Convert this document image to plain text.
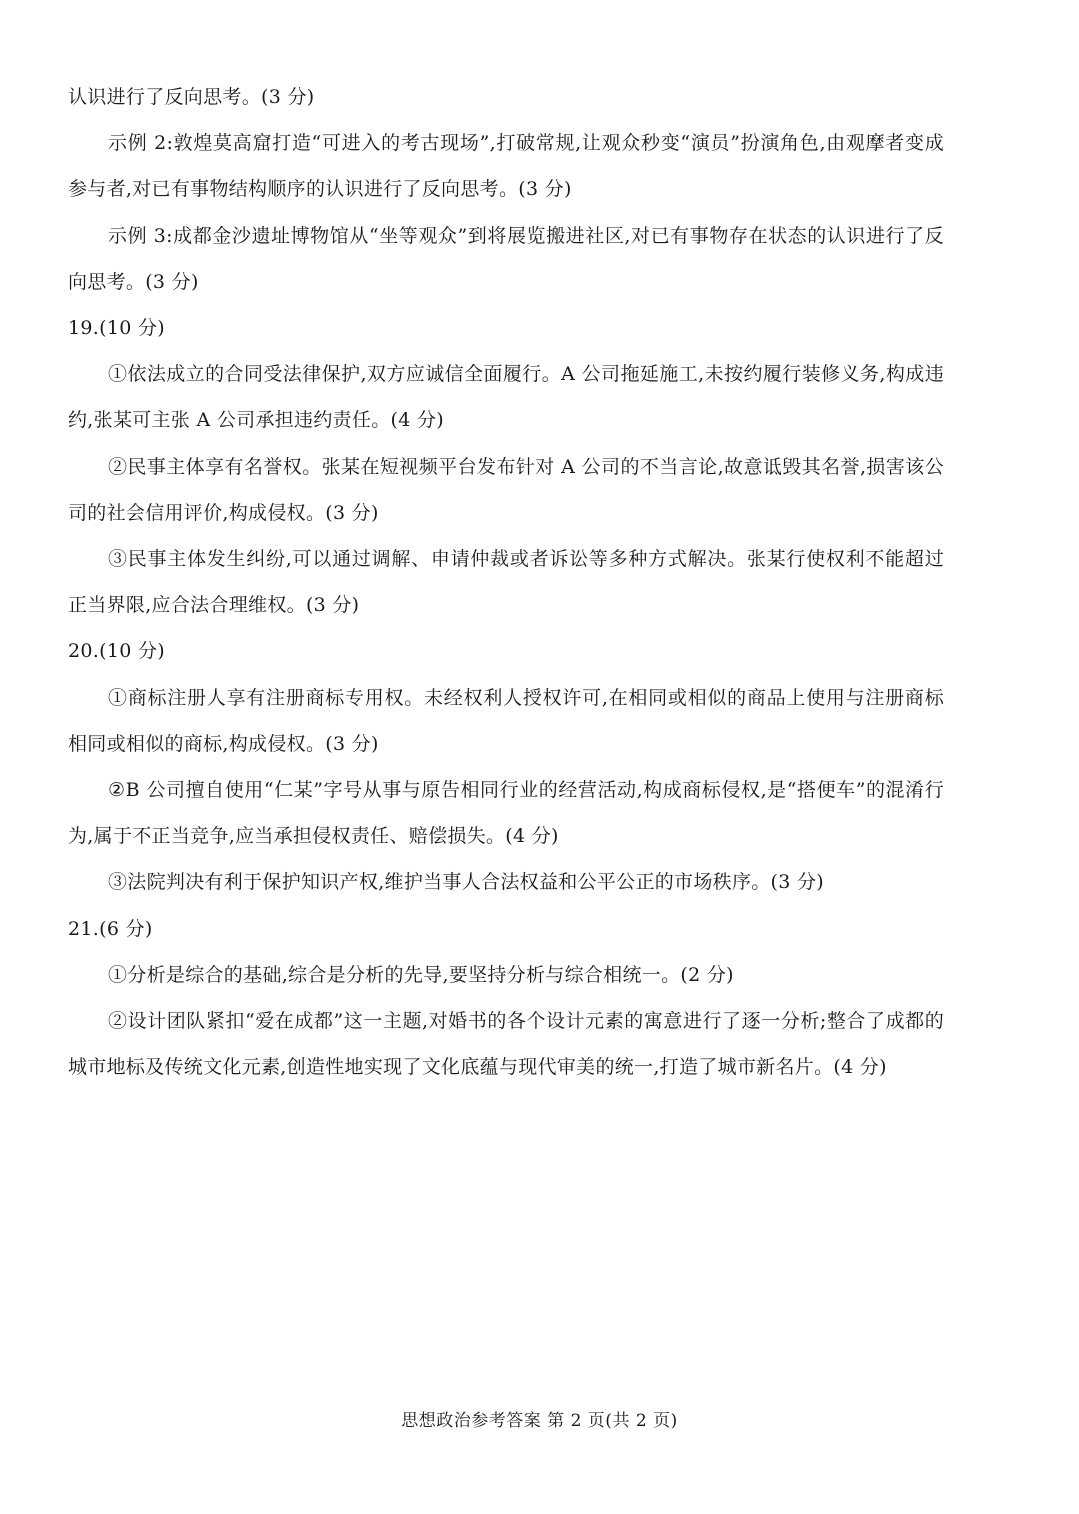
认识进行了反向思考。(3 分)

示例 2:敦煌莫高窟打造“可进入的考古现场”,打破常规,让观众秒变“演员”扮演角色,由观摩者变成参与者,对已有事物结构顺序的认识进行了反向思考。(3 分)

示例 3:成都金沙遗址博物馆从“坐等观众”到将展览搬进社区,对已有事物存在状态的认识进行了反向思考。(3 分)

19.(10 分)

①依法成立的合同受法律保护,双方应诚信全面履行。A 公司拖延施工,未按约履行装修义务,构成违约,张某可主张 A 公司承担违约责任。(4 分)

②民事主体享有名誉权。张某在短视频平台发布针对 A 公司的不当言论,故意诋毁其名誉,损害该公司的社会信用评价,构成侵权。(3 分)

③民事主体发生纠纷,可以通过调解、申请仲裁或者诉讼等多种方式解决。张某行使权利不能超过正当界限,应合法合理维权。(3 分)

20.(10 分)

①商标注册人享有注册商标专用权。未经权利人授权许可,在相同或相似的商品上使用与注册商标相同或相似的商标,构成侵权。(3 分)

②B 公司擅自使用“仁某”字号从事与原告相同行业的经营活动,构成商标侵权,是“搭便车”的混淆行为,属于不正当竞争,应当承担侵权责任、赔偿损失。(4 分)

③法院判决有利于保护知识产权,维护当事人合法权益和公平公正的市场秩序。(3 分)

21.(6 分)

①分析是综合的基础,综合是分析的先导,要坚持分析与综合相统一。(2 分)

②设计团队紧扣“爱在成都”这一主题,对婚书的各个设计元素的寓意进行了逐一分析;整合了成都的城市地标及传统文化元素,创造性地实现了文化底蕴与现代审美的统一,打造了城市新名片。(4 分)

思想政治参考答案 第 2 页(共 2 页)
